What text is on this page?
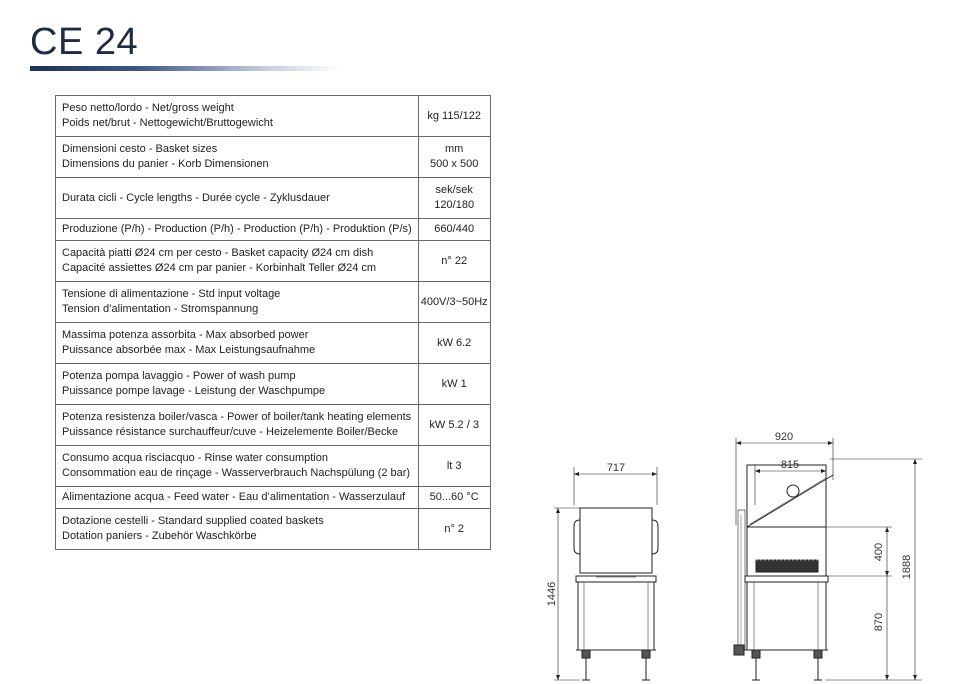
CE 24
Peso netto/lordo - Net/gross weight
Poids net/brut - Nettogewicht/Bruttogewicht	kg 115/122

Dimensioni cesto - Basket sizes
Dimensions du panier - Korb Dimensionen	mm
500 x 500

Durata cicli - Cycle lengths - Durée cycle - Zyklusdauer	sek/sek
120/180

Produzione (P/h) - Production (P/h) - Production (P/h) - Produktion (P/s)	660/440

Capacità piatti Ø24 cm per cesto - Basket capacity Ø24 cm dish
Capacité assiettes Ø24 cm par panier - Korbinhalt Teller Ø24 cm	n° 22

Tensione di alimentazione - Std input voltage
Tension d’alimentation - Stromspannung	400V/3~50Hz

Massima potenza assorbita - Max absorbed power
Puissance absorbée max - Max Leistungsaufnahme	kW 6.2

Potenza pompa lavaggio - Power of wash pump
Puissance pompe lavage - Leistung der Waschpumpe	kW 1

Potenza resistenza boiler/vasca - Power of boiler/tank heating elements
Puissance résistance surchauffeur/cuve - Heizelemente Boiler/Becke	kW 5.2 / 3

Consumo acqua risciacquo - Rinse water consumption
Consommation eau de rinçage - Wasserverbrauch Nachspülung (2 bar)	lt 3

Alimentazione acqua - Feed water - Eau d’alimentation - Wasserzulauf	50...60 °C

Dotazione cestelli - Standard supplied coated baskets
Dotation paniers - Zubehör Waschkörbe	n° 2
717
1446
920
815
400
870
1888
